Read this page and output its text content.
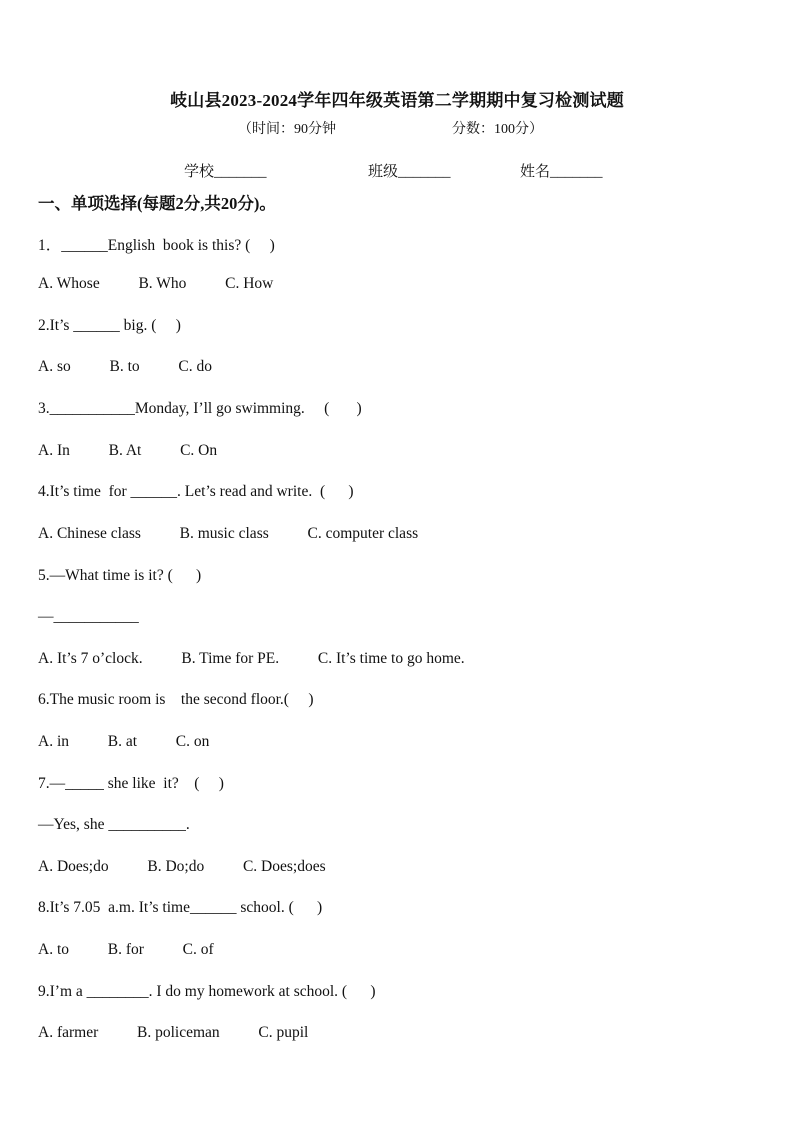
岐山县2023-2024学年四年级英语第二学期期中复习检测试题
（时间：90分钟	分数：100分）
学校_______	班级_______	姓名_______
一、单项选择(每题2分,共20分)。
1．______English  book is this? (     )
A. Whose          B. Who          C. How
2.It’s ______ big. (     )
A. so          B. to          C. do
3.___________Monday, I’ll go swimming.     (       )
A. In          B. At          C. On
4.It’s time  for ______. Let’s read and write.  (      )
A. Chinese class          B. music class          C. computer class
5.—What time is it? (      )
—___________
A. It’s 7 o’clock.          B. Time for PE.          C. It’s time to go home.
6.The music room is    the second floor.(     )
A. in          B. at          C. on
7.—_____ she like  it?    (     )
—Yes, she __________.
A. Does;do          B. Do;do          C. Does;does
8.It’s 7.05  a.m. It’s time______ school. (      )
A. to          B. for          C. of
9.I’m a ________. I do my homework at school. (      )
A. farmer          B. policeman          C. pupil
